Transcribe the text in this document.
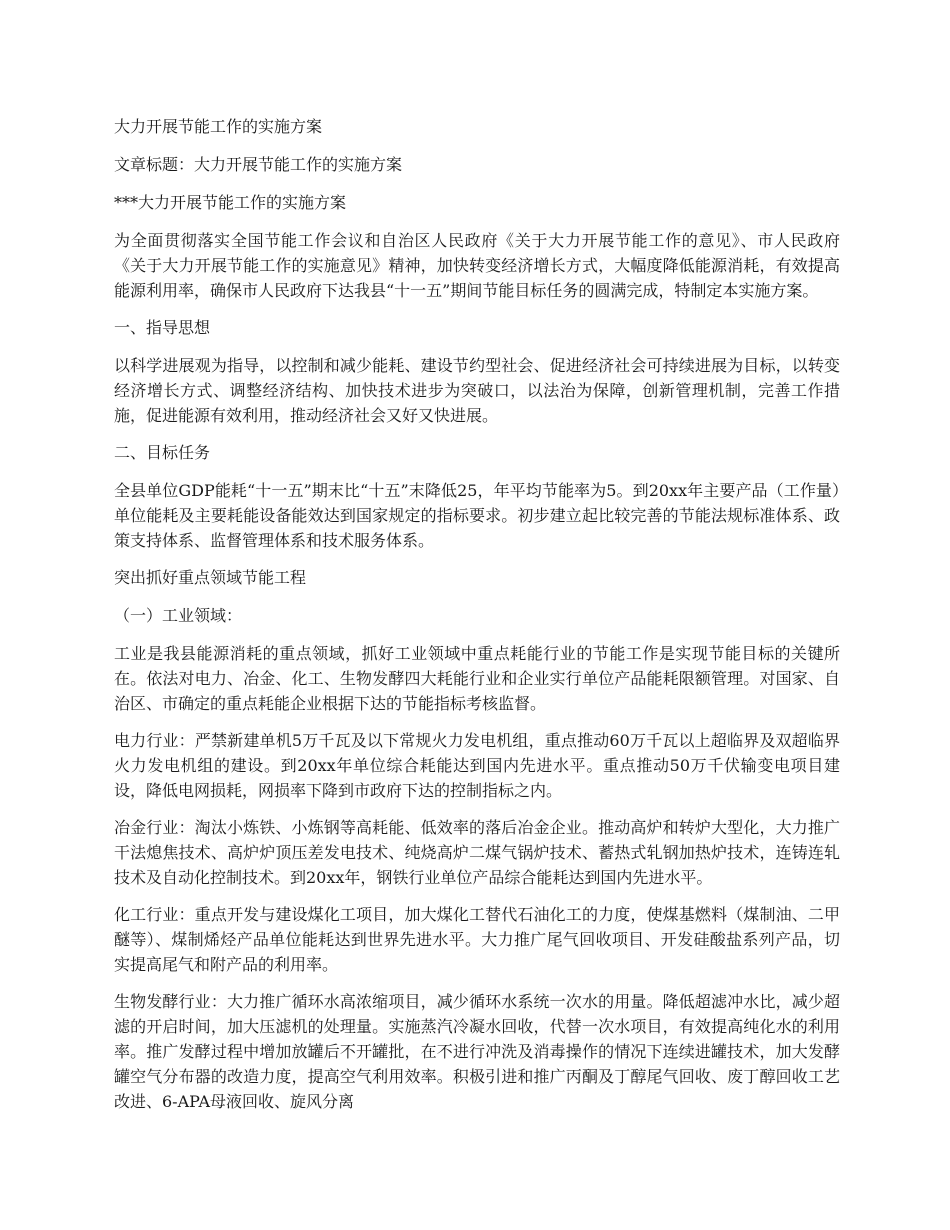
大力开展节能工作的实施方案

文章标题：大力开展节能工作的实施方案

***大力开展节能工作的实施方案

为全面贯彻落实全国节能工作会议和自治区人民政府《关于大力开展节能工作的意见》、市人民政府《关于大力开展节能工作的实施意见》精神，加快转变经济增长方式，大幅度降低能源消耗，有效提高能源利用率，确保市人民政府下达我县“十一五”期间节能目标任务的圆满完成，特制定本实施方案。

一、指导思想

以科学进展观为指导，以控制和减少能耗、建设节约型社会、促进经济社会可持续进展为目标，以转变经济增长方式、调整经济结构、加快技术进步为突破口，以法治为保障，创新管理机制，完善工作措施，促进能源有效利用，推动经济社会又好又快进展。

二、目标任务

全县单位GDP能耗“十一五”期末比“十五”末降低25，年平均节能率为5。到20xx年主要产品（工作量）单位能耗及主要耗能设备能效达到国家规定的指标要求。初步建立起比较完善的节能法规标准体系、政策支持体系、监督管理体系和技术服务体系。

突出抓好重点领域节能工程

（一）工业领域：

工业是我县能源消耗的重点领域，抓好工业领域中重点耗能行业的节能工作是实现节能目标的关键所在。依法对电力、冶金、化工、生物发酵四大耗能行业和企业实行单位产品能耗限额管理。对国家、自治区、市确定的重点耗能企业根据下达的节能指标考核监督。

电力行业：严禁新建单机5万千瓦及以下常规火力发电机组，重点推动60万千瓦以上超临界及双超临界火力发电机组的建设。到20xx年单位综合耗能达到国内先进水平。重点推动50万千伏输变电项目建设，降低电网损耗，网损率下降到市政府下达的控制指标之内。

冶金行业：淘汰小炼铁、小炼钢等高耗能、低效率的落后冶金企业。推动高炉和转炉大型化，大力推广干法熄焦技术、高炉炉顶压差发电技术、纯烧高炉二煤气锅炉技术、蓄热式轧钢加热炉技术，连铸连轧技术及自动化控制技术。到20xx年，钢铁行业单位产品综合能耗达到国内先进水平。

化工行业：重点开发与建设煤化工项目，加大煤化工替代石油化工的力度，使煤基燃料（煤制油、二甲醚等）、煤制烯烃产品单位能耗达到世界先进水平。大力推广尾气回收项目、开发硅酸盐系列产品，切实提高尾气和附产品的利用率。

生物发酵行业：大力推广循环水高浓缩项目，减少循环水系统一次水的用量。降低超滤冲水比，减少超滤的开启时间，加大压滤机的处理量。实施蒸汽冷凝水回收，代替一次水项目，有效提高纯化水的利用率。推广发酵过程中增加放罐后不开罐批，在不进行冲洗及消毒操作的情况下连续进罐技术，加大发酵罐空气分布器的改造力度，提高空气利用效率。积极引进和推广丙酮及丁醇尾气回收、废丁醇回收工艺改进、6-APA母液回收、旋风分离
